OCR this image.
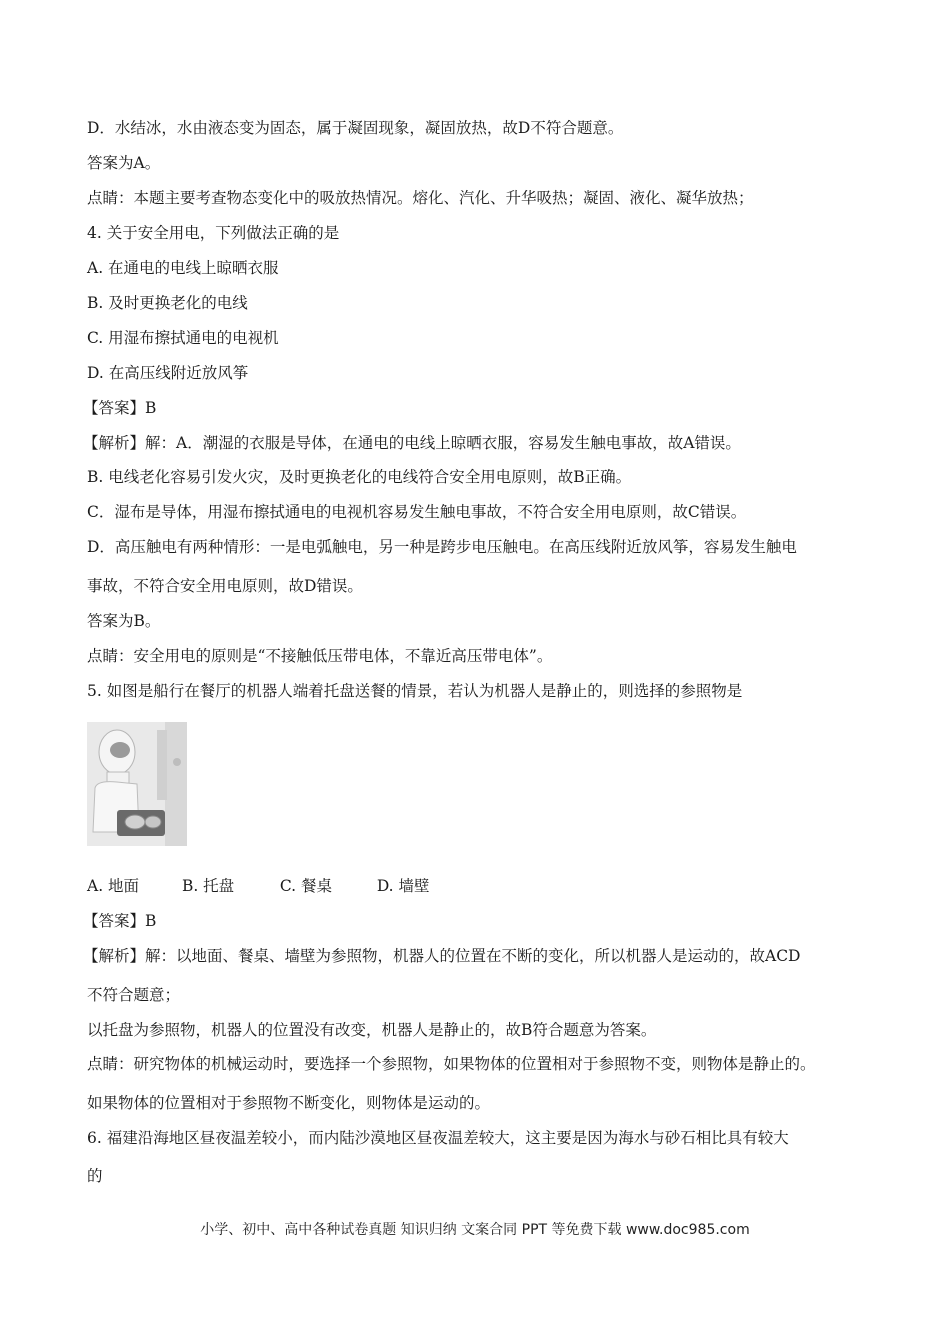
D．水结冰，水由液态变为固态，属于凝固现象，凝固放热，故D不符合题意。
答案为A。
点睛：本题主要考查物态变化中的吸放热情况。熔化、汽化、升华吸热；凝固、液化、凝华放热；
4. 关于安全用电，下列做法正确的是
A. 在通电的电线上晾晒衣服
B. 及时更换老化的电线
C. 用湿布擦拭通电的电视机
D. 在高压线附近放风筝
【答案】B
【解析】解：A．潮湿的衣服是导体，在通电的电线上晾晒衣服，容易发生触电事故，故A错误。
B. 电线老化容易引发火灾，及时更换老化的电线符合安全用电原则，故B正确。
C．湿布是导体，用湿布擦拭通电的电视机容易发生触电事故，不符合安全用电原则，故C错误。
D．高压触电有两种情形：一是电弧触电，另一种是跨步电压触电。在高压线附近放风筝，容易发生触电
事故，不符合安全用电原则，故D错误。
答案为B。
点睛：安全用电的原则是“不接触低压带电体，不靠近高压带电体”。
5. 如图是船行在餐厅的机器人端着托盘送餐的情景，若认为机器人是静止的，则选择的参照物是
A. 地面	B. 托盘	C. 餐桌	D. 墙壁
【答案】B
【解析】解：以地面、餐桌、墙壁为参照物，机器人的位置在不断的变化，所以机器人是运动的，故ACD
不符合题意；
以托盘为参照物，机器人的位置没有改变，机器人是静止的，故B符合题意为答案。
点睛：研究物体的机械运动时，要选择一个参照物，如果物体的位置相对于参照物不变，则物体是静止的。
如果物体的位置相对于参照物不断变化，则物体是运动的。
6. 福建沿海地区昼夜温差较小，而内陆沙漠地区昼夜温差较大，这主要是因为海水与砂石相比具有较大
的
小学、初中、高中各种试卷真题 知识归纳 文案合同 PPT 等免费下载 www.doc985.com
